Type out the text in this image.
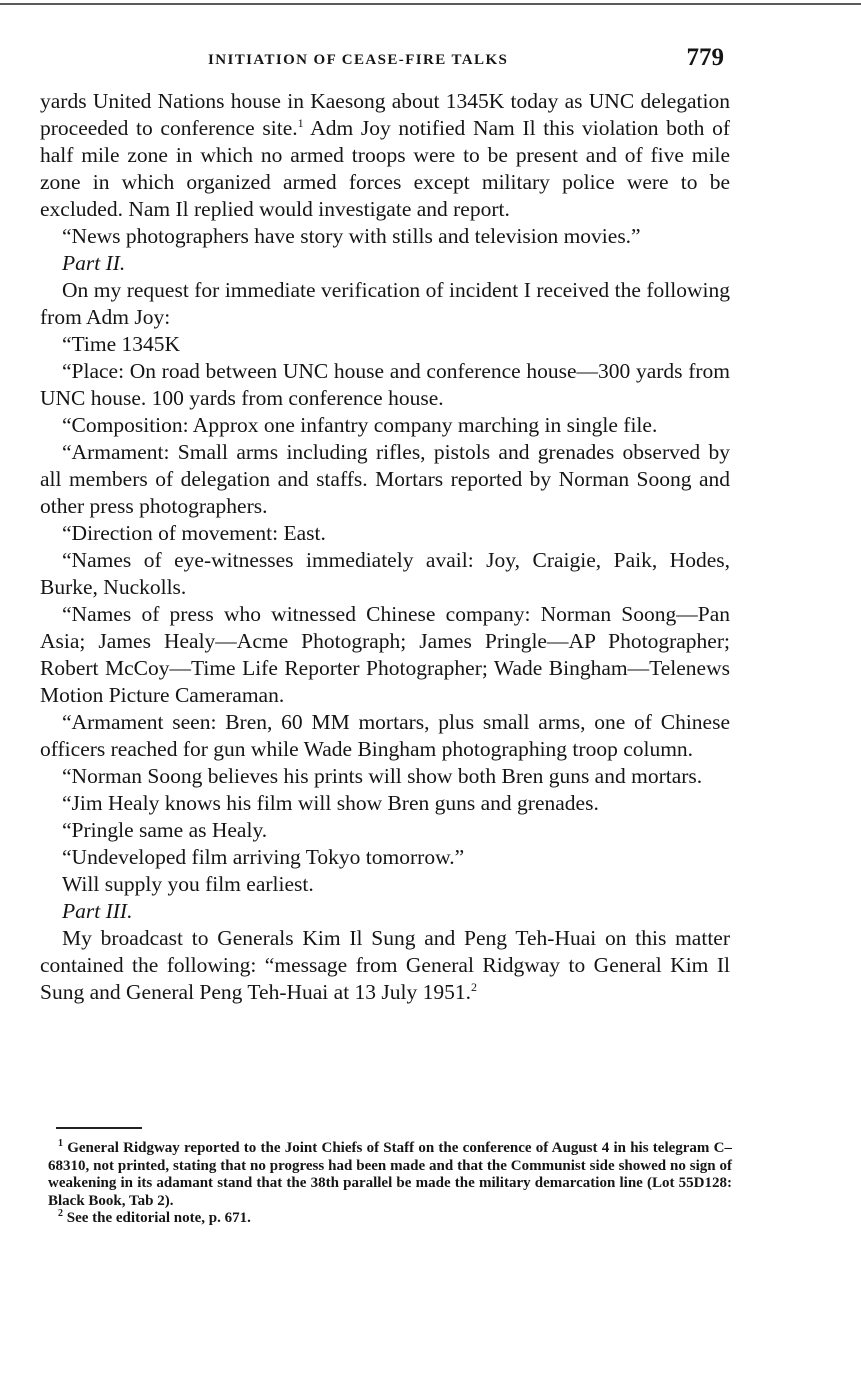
INITIATION OF CEASE-FIRE TALKS	779

yards United Nations house in Kaesong about 1345K today as UNC delegation proceeded to conference site.$^1$ Adm Joy notified Nam Il this violation both of half mile zone in which no armed troops were to be present and of five mile zone in which organized armed forces except military police were to be excluded. Nam Il replied would investigate and report.

“News photographers have story with stills and television movies.”

Part II.

On my request for immediate verification of incident I received the following from Adm Joy:

“Time 1345K

“Place: On road between UNC house and conference house—300 yards from UNC house. 100 yards from conference house.

“Composition: Approx one infantry company marching in single file.

“Armament: Small arms including rifles, pistols and grenades observed by all members of delegation and staffs. Mortars reported by Norman Soong and other press photographers.

“Direction of movement: East.

“Names of eye-witnesses immediately avail: Joy, Craigie, Paik, Hodes, Burke, Nuckolls.

“Names of press who witnessed Chinese company: Norman Soong—Pan Asia; James Healy—Acme Photograph; James Pringle—AP Photographer; Robert McCoy—Time Life Reporter Photographer; Wade Bingham—Telenews Motion Picture Cameraman.

“Armament seen: Bren, 60 MM mortars, plus small arms, one of Chinese officers reached for gun while Wade Bingham photographing troop column.

“Norman Soong believes his prints will show both Bren guns and mortars.

“Jim Healy knows his film will show Bren guns and grenades.

“Pringle same as Healy.

“Undeveloped film arriving Tokyo tomorrow.”

Will supply you film earliest.

Part III.

My broadcast to Generals Kim Il Sung and Peng Teh-Huai on this matter contained the following: “message from General Ridgway to General Kim Il Sung and General Peng Teh-Huai at 13 July 1951.$^2$

$^1$ General Ridgway reported to the Joint Chiefs of Staff on the conference of August 4 in his telegram C–68310, not printed, stating that no progress had been made and that the Communist side showed no sign of weakening in its adamant stand that the 38th parallel be made the military demarcation line (Lot 55D128: Black Book, Tab 2).

$^2$ See the editorial note, p. 671.
